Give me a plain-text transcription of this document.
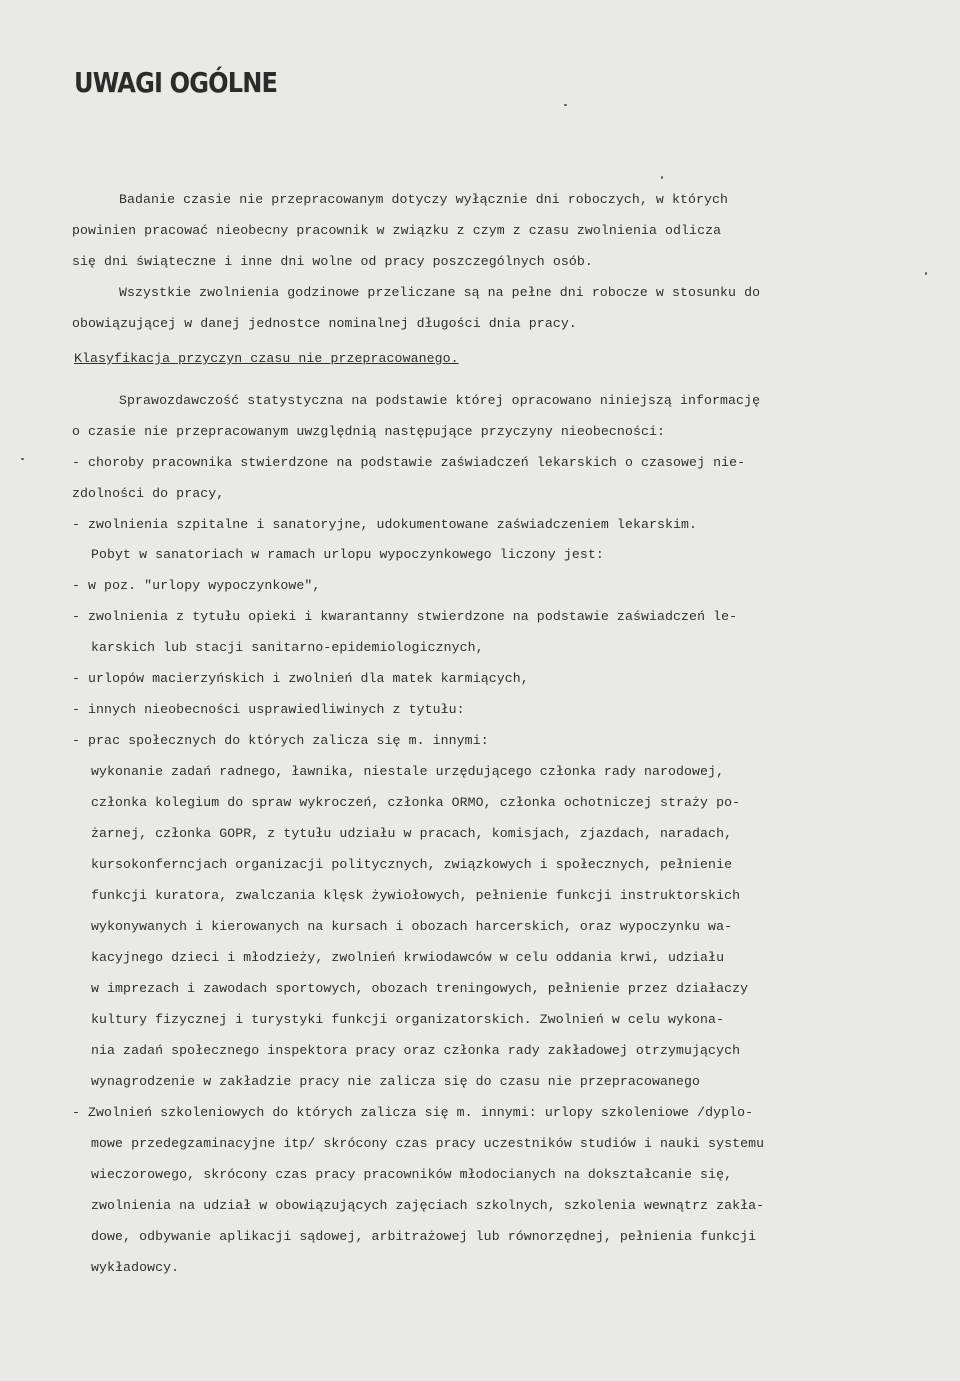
UWAGI OGÓLNE
Badanie czasie nie przepracowanym dotyczy wyłącznie dni roboczych, w których
powinien pracować nieobecny pracownik w związku z czym z czasu zwolnienia odlicza
się dni świąteczne i inne dni wolne od pracy poszczególnych osób.
Wszystkie zwolnienia godzinowe przeliczane są na pełne dni robocze w stosunku do
obowiązującej w danej jednostce nominalnej długości dnia pracy.
Klasyfikacja przyczyn czasu nie przepracowanego.
Sprawozdawczość statystyczna na podstawie której opracowano niniejszą informację
o czasie nie przepracowanym uwzględnią następujące przyczyny nieobecności:
- choroby pracownika stwierdzone na podstawie zaświadczeń lekarskich o czasowej nie-
zdolności do pracy,
- zwolnienia szpitalne i sanatoryjne, udokumentowane zaświadczeniem lekarskim.
Pobyt w sanatoriach w ramach urlopu wypoczynkowego liczony jest:
- w poz. "urlopy wypoczynkowe",
- zwolnienia z tytułu opieki i kwarantanny stwierdzone na podstawie zaświadczeń le-
karskich lub stacji sanitarno-epidemiologicznych,
- urlopów macierzyńskich i zwolnień dla matek karmiących,
- innych nieobecności usprawiedliwinych z tytułu:
- prac społecznych do których zalicza się m. innymi:
wykonanie zadań radnego, ławnika, niestale urzędującego członka rady narodowej,
członka kolegium do spraw wykroczeń, członka ORMO, członka ochotniczej straży po-
żarnej, członka GOPR, z tytułu udziału w pracach, komisjach, zjazdach, naradach,
kursokonferncjach organizacji politycznych, związkowych i społecznych, pełnienie
funkcji kuratora, zwalczania klęsk żywiołowych, pełnienie funkcji instruktorskich
wykonywanych i kierowanych na kursach i obozach harcerskich, oraz wypoczynku wa-
kacyjnego dzieci i młodzieży, zwolnień krwiodawców w celu oddania krwi, udziału
w imprezach i zawodach sportowych, obozach treningowych, pełnienie przez działaczy
kultury fizycznej i turystyki funkcji organizatorskich. Zwolnień w celu wykona-
nia zadań społecznego inspektora pracy oraz członka rady zakładowej otrzymujących
wynagrodzenie w zakładzie pracy nie zalicza się do czasu nie przepracowanego
- Zwolnień szkoleniowych do których zalicza się m. innymi: urlopy szkoleniowe /dyplo-
mowe przedegzaminacyjne itp/ skrócony czas pracy uczestników studiów i nauki systemu
wieczorowego, skrócony czas pracy pracowników młodocianych na dokształcanie się,
zwolnienia na udział w obowiązujących zajęciach szkolnych, szkolenia wewnątrz zakła-
dowe, odbywanie aplikacji sądowej, arbitrażowej lub równorzędnej, pełnienia funkcji
wykładowcy.
